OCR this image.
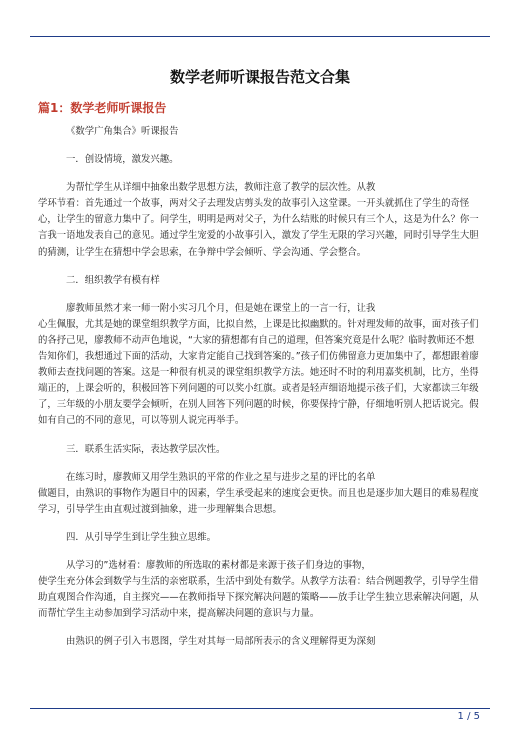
数学老师听课报告范文合集
篇1：数学老师听课报告

《数学广角集合》听课报告

一．创设情境，激发兴趣。

为帮忙学生从详细中抽象出数学思想方法，教师注意了教学的层次性。从教
学环节看：首先通过一个故事，两对父子去理发店剪头发的故事引入这堂课。一开头就抓住了学生的奇怪心，让学生的留意力集中了。问学生，明明是两对父子，为什么结账的时候只有三个人，这是为什么？你一言我一语地发表自己的意见。通过学生宠爱的小故事引入，激发了学生无限的学习兴趣，同时引导学生大胆的猜测，让学生在猜想中学会思索，在争辩中学会倾听、学会沟通、学会整合。

二．组织教学有模有样

廖教师虽然才来一师一附小实习几个月，但是她在课堂上的一言一行，让我
心生佩服，尤其是她的课堂组织教学方面，比拟自然，上课是比拟幽默的。针对理发师的故事，面对孩子们的各抒己见，廖教师不动声色地说，“大家的猜想都有自己的道理，但答案究竟是什么呢？临时教师还不想告知你们，我想通过下面的活动，大家肯定能自己找到答案的。”孩子们仿佛留意力更加集中了，都想跟着廖教师去查找问题的答案。这是一种很有机灵的课堂组织教学方法。她还时不时的利用嘉奖机制，比方，坐得端正的，上课会听的，积极回答下列问题的可以奖小红旗。或者是轻声细语地提示孩子们，大家都读三年级了，三年级的小朋友要学会倾听，在别人回答下列问题的时候，你要保持宁静，仔细地听别人把话说完。假如有自己的不同的意见，可以等别人说完再举手。

三．联系生活实际，表达教学层次性。

在练习时，廖教师又用学生熟识的平常的作业之星与进步之星的评比的名单
做题目，由熟识的事物作为题目中的因素，学生承受起来的速度会更快。而且也是逐步加大题目的难易程度学习，引导学生由直观过渡到抽象，进一步理解集合思想。

四．从引导学生到让学生独立思维。

从学习的”选材看：廖教师的所选取的素材都是来源于孩子们身边的事物，
使学生充分体会到数学与生活的亲密联系，生活中到处有数学。从教学方法看：结合例题教学，引导学生借助直观图合作沟通，自主探究——在教师指导下探究解决问题的策略——放手让学生独立思索解决问题，从而帮忙学生主动参加到学习活动中来，提高解决问题的意识与力量。

由熟识的例子引入韦恩图，学生对其每一局部所表示的含义理解得更为深刻

1 / 5
